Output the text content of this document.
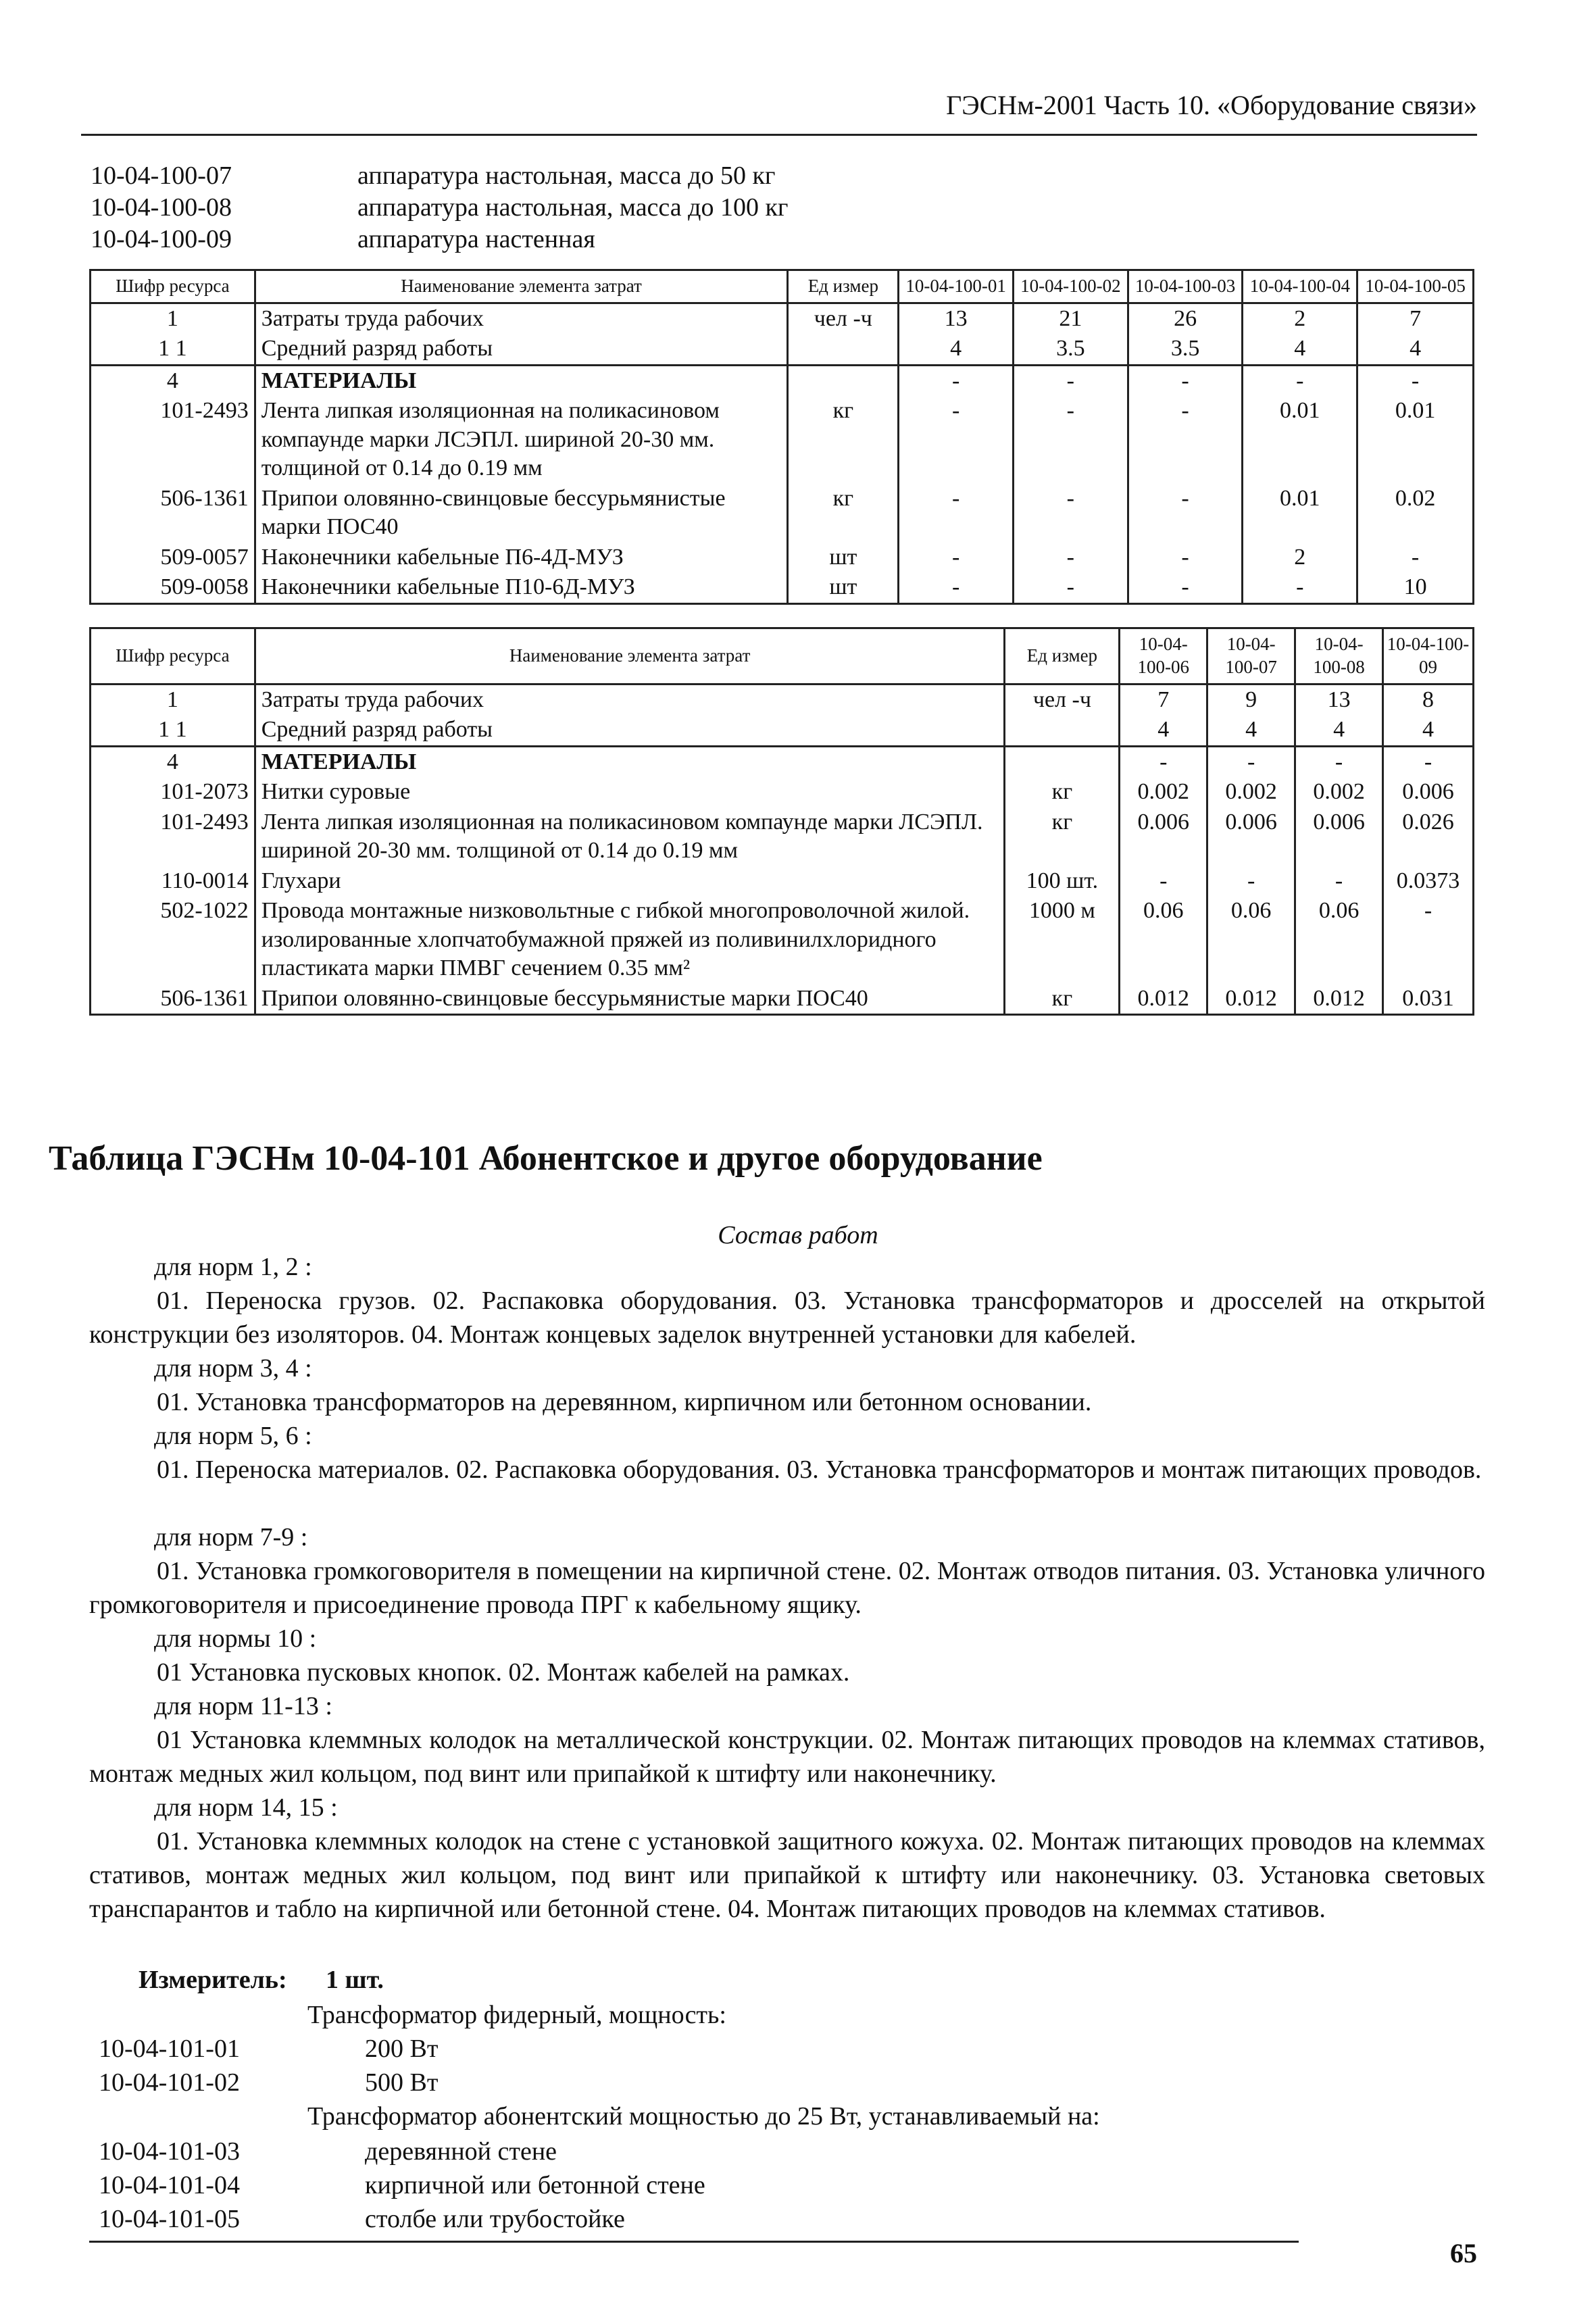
ГЭСНм-2001 Часть 10. «Оборудование связи»
10-04-100-07	аппаратура настольная, масса до 50 кг
10-04-100-08	аппаратура настольная, масса до 100 кг
10-04-100-09	аппаратура настенная
Шифр ресурса	Наименование элемента затрат	Ед измер	10-04-100-01	10-04-100-02	10-04-100-03	10-04-100-04	10-04-100-05
1	Затраты труда рабочих	чел -ч	13	21	26	2	7
1 1	Средний разряд работы		4	3.5	3.5	4	4
4	МАТЕРИАЛЫ		-	-	-	-	-
101-2493	Лента липкая изоляционная на поликасиновом компаунде марки ЛСЭПЛ. шириной 20-30 мм. толщиной от 0.14 до 0.19 мм	кг	-	-	-	0.01	0.01
506-1361	Припои оловянно-свинцовые бессурьмянистые марки ПОС40	кг	-	-	-	0.01	0.02
509-0057	Наконечники кабельные П6-4Д-МУЗ	шт	-	-	-	2	-
509-0058	Наконечники кабельные П10-6Д-МУЗ	шт	-	-	-	-	10
Шифр ресурса	Наименование элемента затрат	Ед измер	10-04-100-06	10-04-100-07	10-04-100-08	10-04-100-09
1	Затраты труда рабочих	чел -ч	7	9	13	8
1 1	Средний разряд работы		4	4	4	4
4	МАТЕРИАЛЫ		-	-	-	-
101-2073	Нитки суровые	кг	0.002	0.002	0.002	0.006
101-2493	Лента липкая изоляционная на поликасиновом компаунде марки ЛСЭПЛ. шириной 20-30 мм. толщиной от 0.14 до 0.19 мм	кг	0.006	0.006	0.006	0.026
110-0014	Глухари	100 шт.	-	-	-	0.0373
502-1022	Провода монтажные низковольтные с гибкой многопроволочной жилой. изолированные хлопчатобумажной пряжей из поливинилхлоридного пластиката марки ПМВГ сечением 0.35 мм²	1000 м	0.06	0.06	0.06	-
506-1361	Припои оловянно-свинцовые бессурьмянистые марки ПОС40	кг	0.012	0.012	0.012	0.031
Таблица ГЭСНм 10-04-101 Абонентское и другое оборудование
Состав работ
для норм 1, 2 :
01. Переноска грузов. 02. Распаковка оборудования. 03. Установка трансформаторов и дросселей на открытой конструкции без изоляторов. 04. Монтаж концевых заделок внутренней установки для кабелей.
для норм 3, 4 :
01. Установка трансформаторов на деревянном, кирпичном или бетонном основании.
для норм 5, 6 :
01. Переноска материалов. 02. Распаковка оборудования. 03. Установка трансформаторов и монтаж питающих проводов.
для норм 7-9 :
01. Установка громкоговорителя в помещении на кирпичной стене. 02. Монтаж отводов питания. 03. Установка уличного громкоговорителя и присоединение провода ПРГ к кабельному ящику.
для нормы 10 :
01 Установка пусковых кнопок. 02. Монтаж кабелей на рамках.
для норм 11-13 :
01 Установка клеммных колодок на металлической конструкции. 02. Монтаж питающих проводов на клеммах стативов, монтаж медных жил кольцом, под винт или припайкой к штифту или наконечнику.
для норм 14, 15 :
01. Установка клеммных колодок на стене с установкой защитного кожуха. 02. Монтаж питающих проводов на клеммах стативов, монтаж медных жил кольцом, под винт или припайкой к штифту или наконечнику. 03. Установка световых транспарантов и табло на кирпичной или бетонной стене. 04. Монтаж питающих проводов на клеммах стативов.
Измеритель: 1 шт.
Трансформатор фидерный, мощность:
10-04-101-01	200 Вт
10-04-101-02	500 Вт
Трансформатор абонентский мощностью до 25 Вт, устанавливаемый на:
10-04-101-03	деревянной стене
10-04-101-04	кирпичной или бетонной стене
10-04-101-05	столбе или трубостойке
65
